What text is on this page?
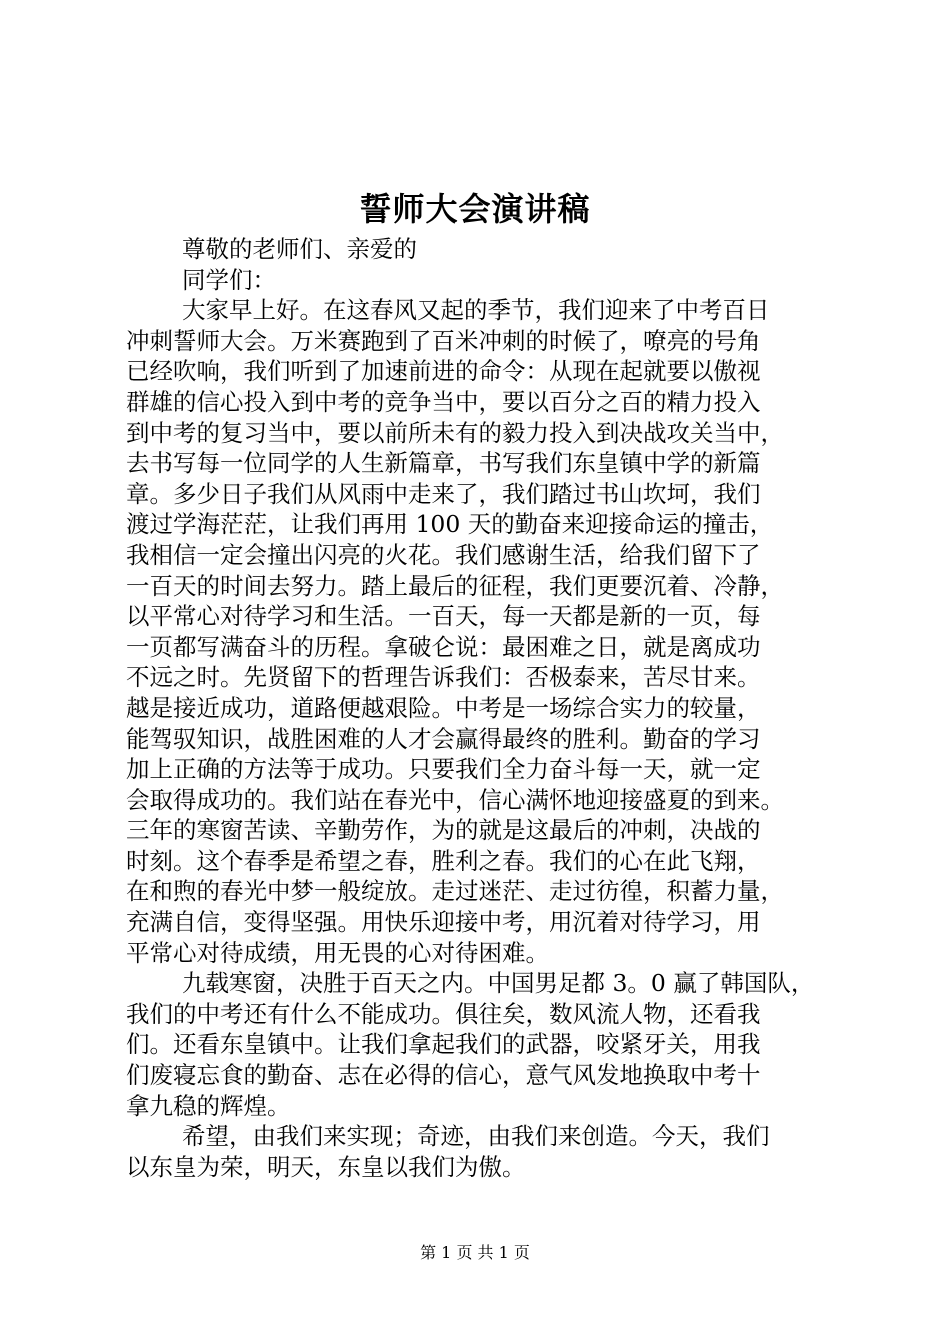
誓师大会演讲稿
尊敬的老师们、亲爱的
同学们：
大家早上好。在这春风又起的季节，我们迎来了中考百日
冲刺誓师大会。万米赛跑到了百米冲刺的时候了，嘹亮的号角
已经吹响，我们听到了加速前进的命令：从现在起就要以傲视
群雄的信心投入到中考的竞争当中，要以百分之百的精力投入
到中考的复习当中，要以前所未有的毅力投入到决战攻关当中，
去书写每一位同学的人生新篇章，书写我们东皇镇中学的新篇
章。多少日子我们从风雨中走来了，我们踏过书山坎坷，我们
渡过学海茫茫，让我们再用 100 天的勤奋来迎接命运的撞击，
我相信一定会撞出闪亮的火花。我们感谢生活，给我们留下了
一百天的时间去努力。踏上最后的征程，我们更要沉着、冷静，
以平常心对待学习和生活。一百天，每一天都是新的一页，每
一页都写满奋斗的历程。拿破仑说：最困难之日，就是离成功
不远之时。先贤留下的哲理告诉我们：否极泰来，苦尽甘来。
越是接近成功，道路便越艰险。中考是一场综合实力的较量，
能驾驭知识，战胜困难的人才会赢得最终的胜利。勤奋的学习
加上正确的方法等于成功。只要我们全力奋斗每一天，就一定
会取得成功的。我们站在春光中，信心满怀地迎接盛夏的到来。
三年的寒窗苦读、辛勤劳作，为的就是这最后的冲刺，决战的
时刻。这个春季是希望之春，胜利之春。我们的心在此飞翔，
在和煦的春光中梦一般绽放。走过迷茫、走过彷徨，积蓄力量，
充满自信，变得坚强。用快乐迎接中考，用沉着对待学习，用
平常心对待成绩，用无畏的心对待困难。
九载寒窗，决胜于百天之内。中国男足都 3。0 赢了韩国队，
我们的中考还有什么不能成功。俱往矣，数风流人物，还看我
们。还看东皇镇中。让我们拿起我们的武器，咬紧牙关，用我
们废寝忘食的勤奋、志在必得的信心，意气风发地换取中考十
拿九稳的辉煌。
希望，由我们来实现；奇迹，由我们来创造。今天，我们
以东皇为荣，明天，东皇以我们为傲。
第 1 页 共 1 页
